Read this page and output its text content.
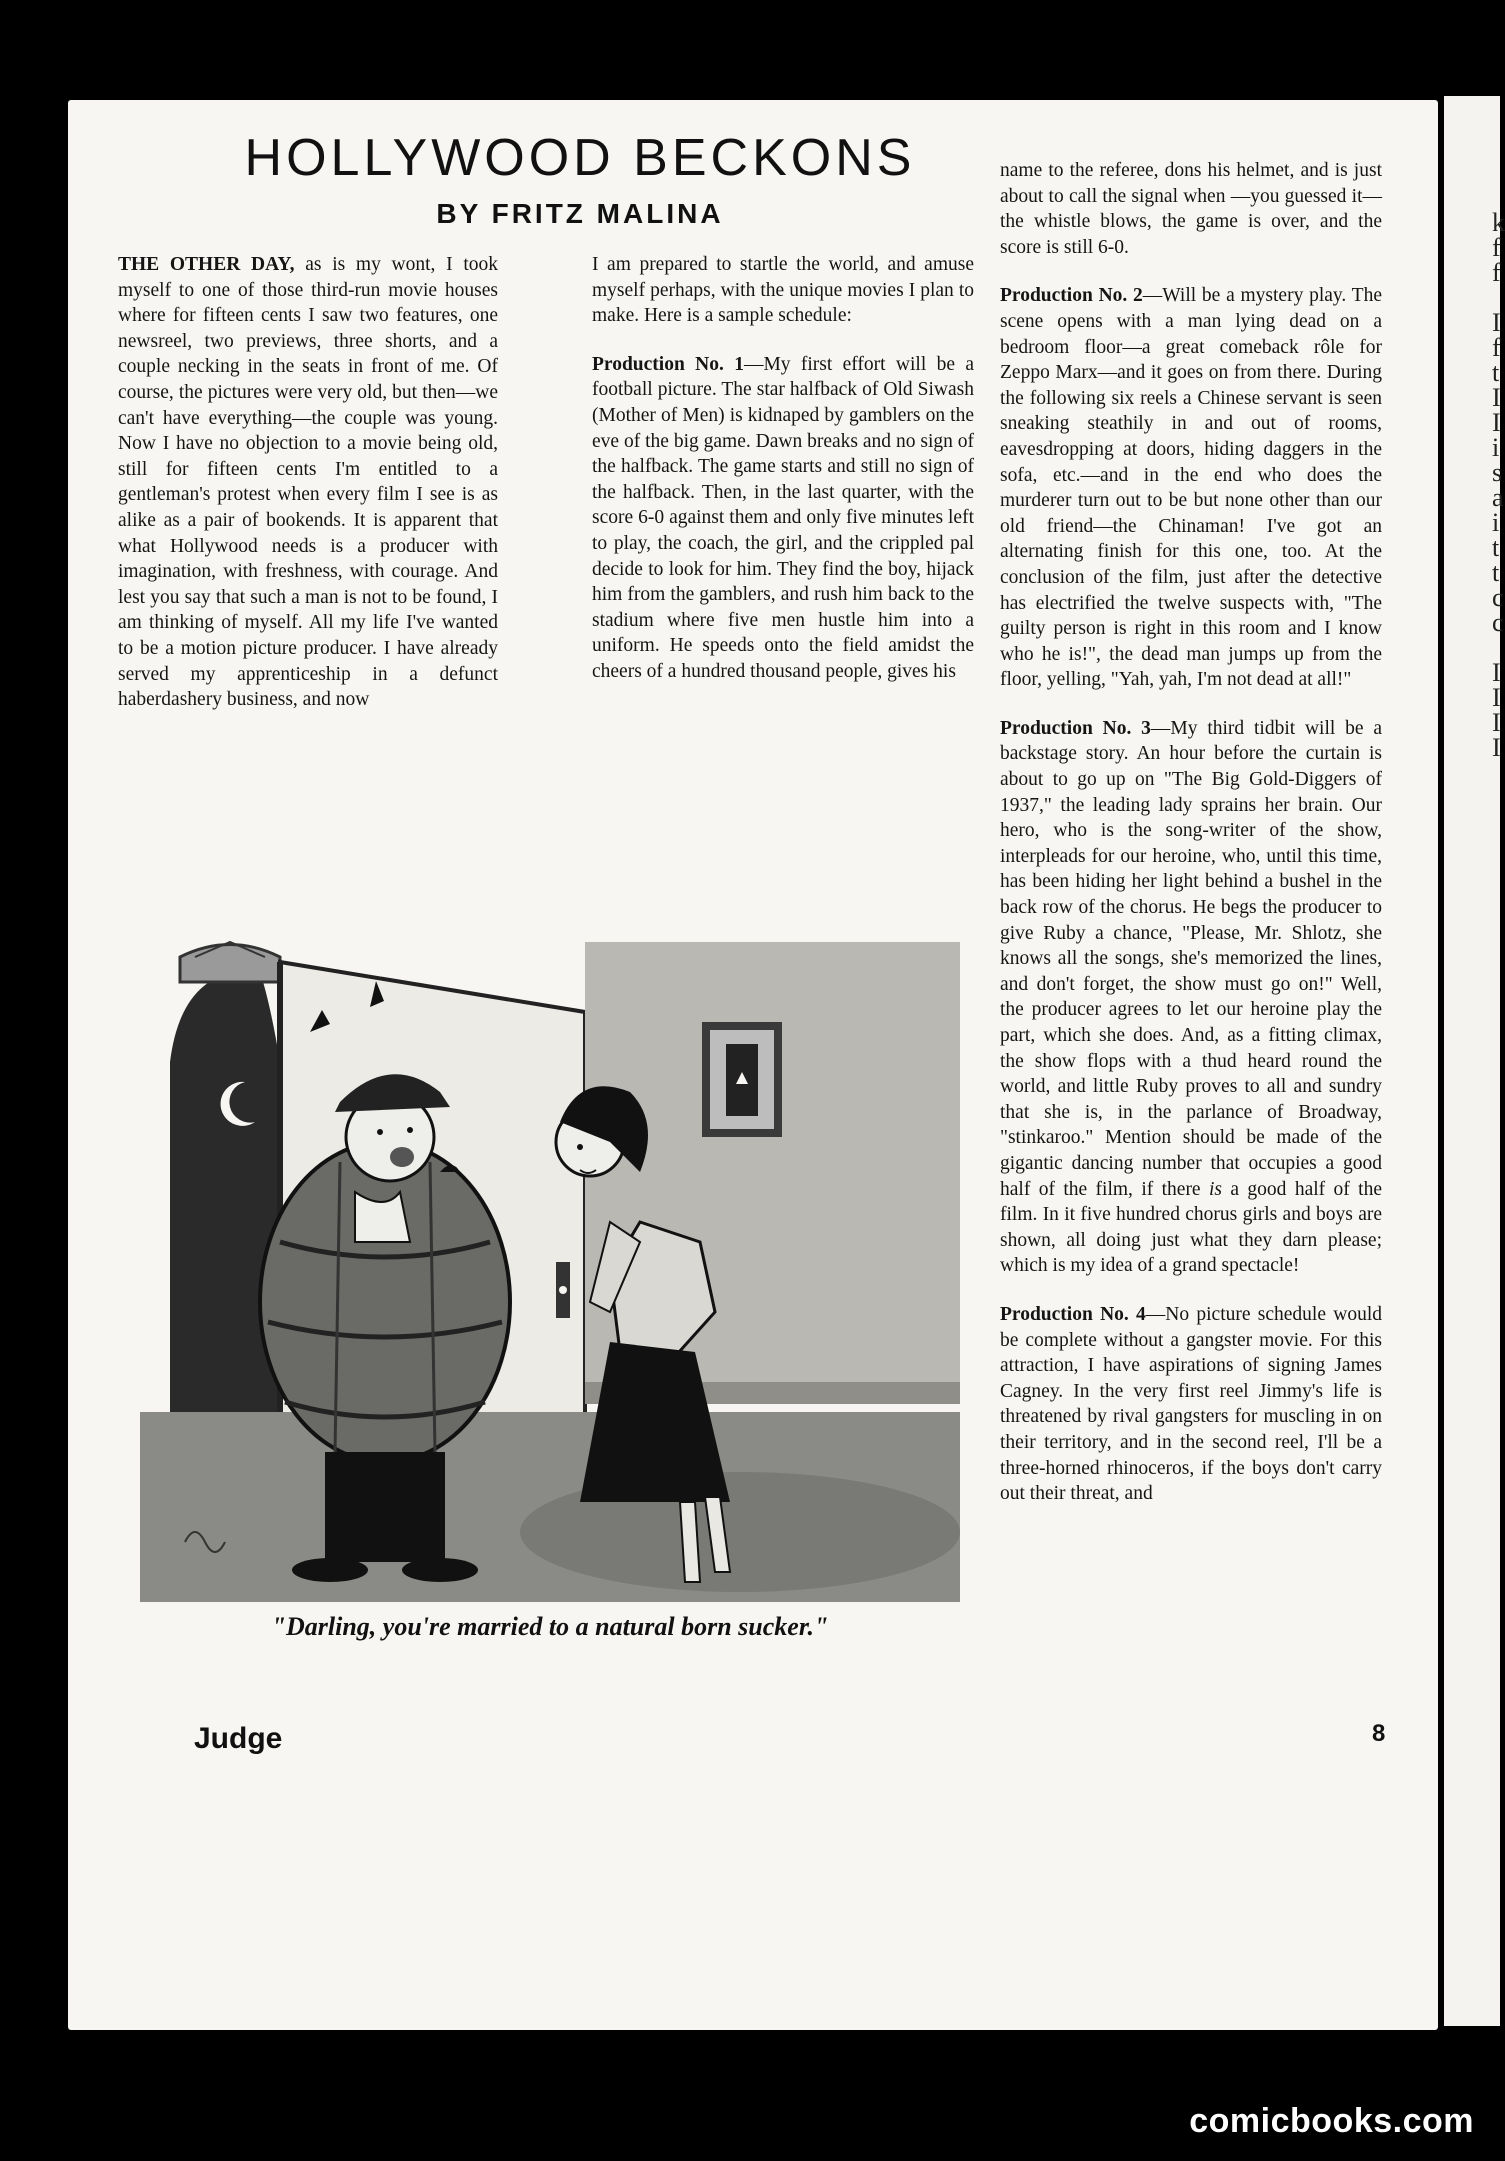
k
f
f
I
f
t
I
I
i
s
a
i
t
t
c
c
I
I
I
I
HOLLYWOOD BECKONS
BY FRITZ MALINA

THE OTHER DAY, as is my wont, I took myself to one of those third-run movie houses where for fifteen cents I saw two features, one newsreel, two previews, three shorts, and a couple necking in the seats in front of me. Of course, the pictures were very old, but then—we can't have everything—the couple was young. Now I have no objection to a movie being old, still for fifteen cents I'm entitled to a gentleman's protest when every film I see is as alike as a pair of bookends. It is apparent that what Hollywood needs is a producer with imagination, with freshness, with courage. And lest you say that such a man is not to be found, I am thinking of myself. All my life I've wanted to be a motion picture producer. I have already served my apprenticeship in a defunct haberdashery business, and now

I am prepared to startle the world, and amuse myself perhaps, with the unique movies I plan to make. Here is a sample schedule:

Production No. 1—My first effort will be a football picture. The star halfback of Old Siwash (Mother of Men) is kidnaped by gamblers on the eve of the big game. Dawn breaks and no sign of the halfback. The game starts and still no sign of the halfback. Then, in the last quarter, with the score 6-0 against them and only five minutes left to play, the coach, the girl, and the crippled pal decide to look for him. They find the boy, hijack him from the gamblers, and rush him back to the stadium where five men hustle him into a uniform. He speeds onto the field amidst the cheers of a hundred thousand people, gives his

name to the referee, dons his helmet, and is just about to call the signal when —you guessed it—the whistle blows, the game is over, and the score is still 6-0.

Production No. 2—Will be a mystery play. The scene opens with a man lying dead on a bedroom floor—a great comeback rôle for Zeppo Marx—and it goes on from there. During the following six reels a Chinese servant is seen sneaking steathily in and out of rooms, eavesdropping at doors, hiding daggers in the sofa, etc.—and in the end who does the murderer turn out to be but none other than our old friend—the Chinaman! I've got an alternating finish for this one, too. At the conclusion of the film, just after the detective has electrified the twelve suspects with, "The guilty person is right in this room and I know who he is!", the dead man jumps up from the floor, yelling, "Yah, yah, I'm not dead at all!"

Production No. 3—My third tidbit will be a backstage story. An hour before the curtain is about to go up on "The Big Gold-Diggers of 1937," the leading lady sprains her brain. Our hero, who is the song-writer of the show, interpleads for our heroine, who, until this time, has been hiding her light behind a bushel in the back row of the chorus. He begs the producer to give Ruby a chance, "Please, Mr. Shlotz, she knows all the songs, she's memorized the lines, and don't forget, the show must go on!" Well, the producer agrees to let our heroine play the part, which she does. And, as a fitting climax, the show flops with a thud heard round the world, and little Ruby proves to all and sundry that she is, in the parlance of Broadway, "stinkaroo." Mention should be made of the gigantic dancing number that occupies a good half of the film, if there is a good half of the film. In it five hundred chorus girls and boys are shown, all doing just what they darn please; which is my idea of a grand spectacle!

Production No. 4—No picture schedule would be complete without a gangster movie. For this attraction, I have aspirations of signing James Cagney. In the very first reel Jimmy's life is threatened by rival gangsters for muscling in on their territory, and in the second reel, I'll be a three-horned rhinoceros, if the boys don't carry out their threat, and

"Darling, you're married to a natural born sucker."

Judge	8
comicbooks.com
